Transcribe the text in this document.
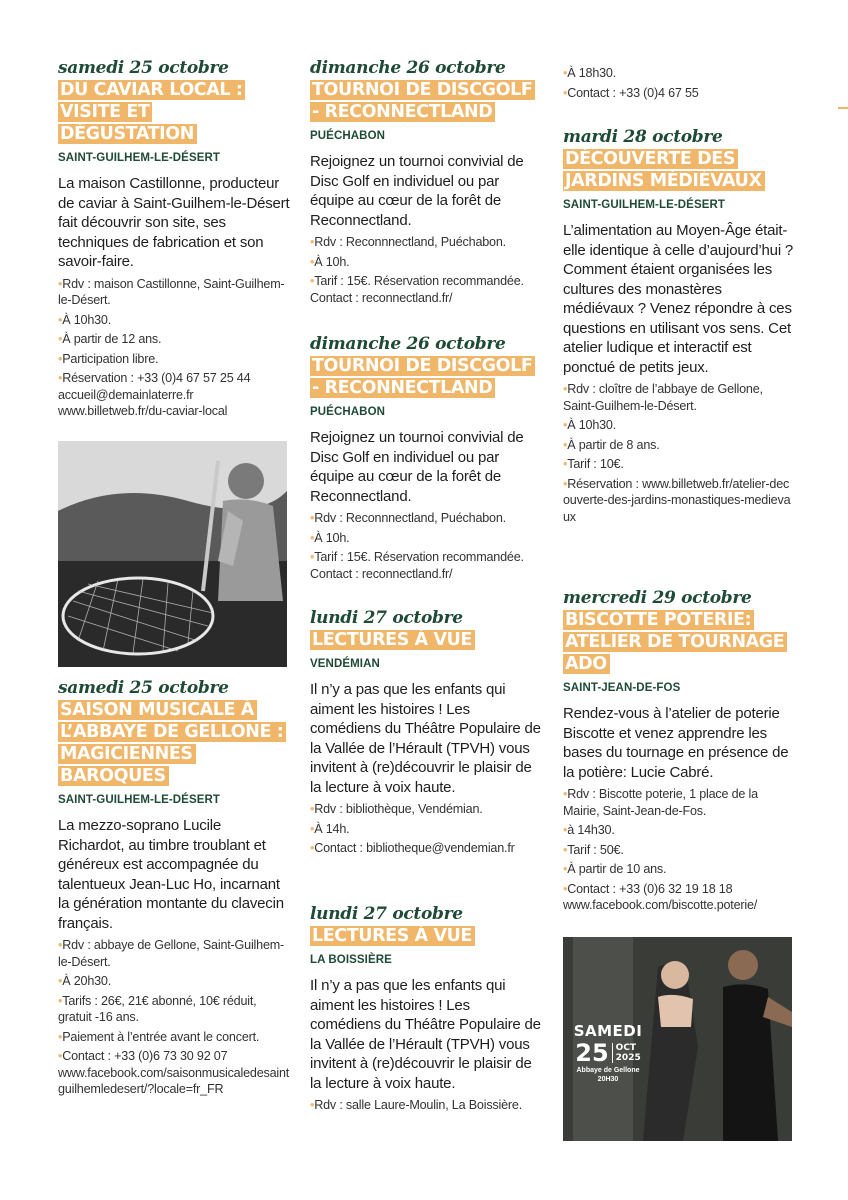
samedi 25 octobre

DU CAVIAR LOCAL : VISITE ET DÉGUSTATION

SAINT-GUILHEM-LE-DÉSERT

La maison Castillonne, producteur de caviar à Saint-Guilhem-le-Désert fait découvrir son site, ses techniques de fabrication et son savoir-faire.

•Rdv : maison Castillonne, Saint-Guilhem-le-Désert.

•À 10h30.

•À partir de 12 ans.

•Participation libre.

•Réservation : +33 (0)4 67 57 25 44

accueil@demainlaterre.fr

www.billetweb.fr/du-caviar-local

samedi 25 octobre

SAISON MUSICALE À L’ABBAYE DE GELLONE : MAGICIENNES BAROQUES

SAINT-GUILHEM-LE-DÉSERT

La mezzo-soprano Lucile Richardot, au timbre troublant et généreux est accompagnée du talentueux Jean-Luc Ho, incarnant la génération montante du clavecin français.

•Rdv : abbaye de Gellone, Saint-Guilhem-le-Désert.

•À 20h30.

•Tarifs : 26€, 21€ abonné, 10€ réduit, gratuit -16 ans.

•Paiement à l’entrée avant le concert.

•Contact : +33 (0)6 73 30 92 07

www.facebook.com/saisonmusicaledesaintguilhemledesert/?locale=fr_FR

dimanche 26 octobre

TOURNOI DE DISCGOLF - RECONNECTLAND

PUÉCHABON

Rejoignez un tournoi convivial de Disc Golf en individuel ou par équipe au cœur de la forêt de Reconnectland.

•Rdv : Reconnnectland, Puéchabon.

•À 10h.

•Tarif : 15€. Réservation recommandée. Contact : reconnectland.fr/

dimanche 26 octobre

TOURNOI DE DISCGOLF - RECONNECTLAND

PUÉCHABON

Rejoignez un tournoi convivial de Disc Golf en individuel ou par équipe au cœur de la forêt de Reconnectland.

•Rdv : Reconnnectland, Puéchabon.

•À 10h.

•Tarif : 15€. Réservation recommandée. Contact : reconnectland.fr/

lundi 27 octobre

LECTURES À VUE

VENDÉMIAN

Il n’y a pas que les enfants qui aiment les histoires ! Les comédiens du Théâtre Populaire de la Vallée de l’Hérault (TPVH) vous invitent à (re)découvrir le plaisir de la lecture à voix haute.

•Rdv : bibliothèque, Vendémian.

•À 14h.

•Contact : bibliotheque@vendemian.fr

lundi 27 octobre

LECTURES À VUE

LA BOISSIÈRE

Il n’y a pas que les enfants qui aiment les histoires ! Les comédiens du Théâtre Populaire de la Vallée de l’Hérault (TPVH) vous invitent à (re)découvrir le plaisir de la lecture à voix haute.

•Rdv : salle Laure-Moulin, La Boissière.

•À 18h30.

•Contact : +33 (0)4 67 55

mardi 28 octobre

DÉCOUVERTE DES JARDINS MÉDIÉVAUX

SAINT-GUILHEM-LE-DÉSERT

L’alimentation au Moyen-Âge était-elle identique à celle d’aujourd’hui ? Comment étaient organisées les cultures des monastères médiévaux ? Venez répondre à ces questions en utilisant vos sens. Cet atelier ludique et interactif est ponctué de petits jeux.

•Rdv : cloître de l’abbaye de Gellone, Saint-Guilhem-le-Désert.

•À 10h30.

•À partir de 8 ans.

•Tarif : 10€.

•Réservation : www.billetweb.fr/atelier-decouverte-des-jardins-monastiques-medievaux

mercredi 29 octobre

BISCOTTE POTERIE: ATELIER DE TOURNAGE ADO

SAINT-JEAN-DE-FOS

Rendez-vous à l’atelier de poterie Biscotte et venez apprendre les bases du tournage en présence de la potière: Lucie Cabré.

•Rdv : Biscotte poterie, 1 place de la Mairie, Saint-Jean-de-Fos.

•à 14h30.

•Tarif : 50€.

•À partir de 10 ans.

•Contact : +33 (0)6 32 19 18 18

www.facebook.com/biscotte.poterie/

SAMEDI
25 OCT
2025
Abbaye de Gellone
20H30
